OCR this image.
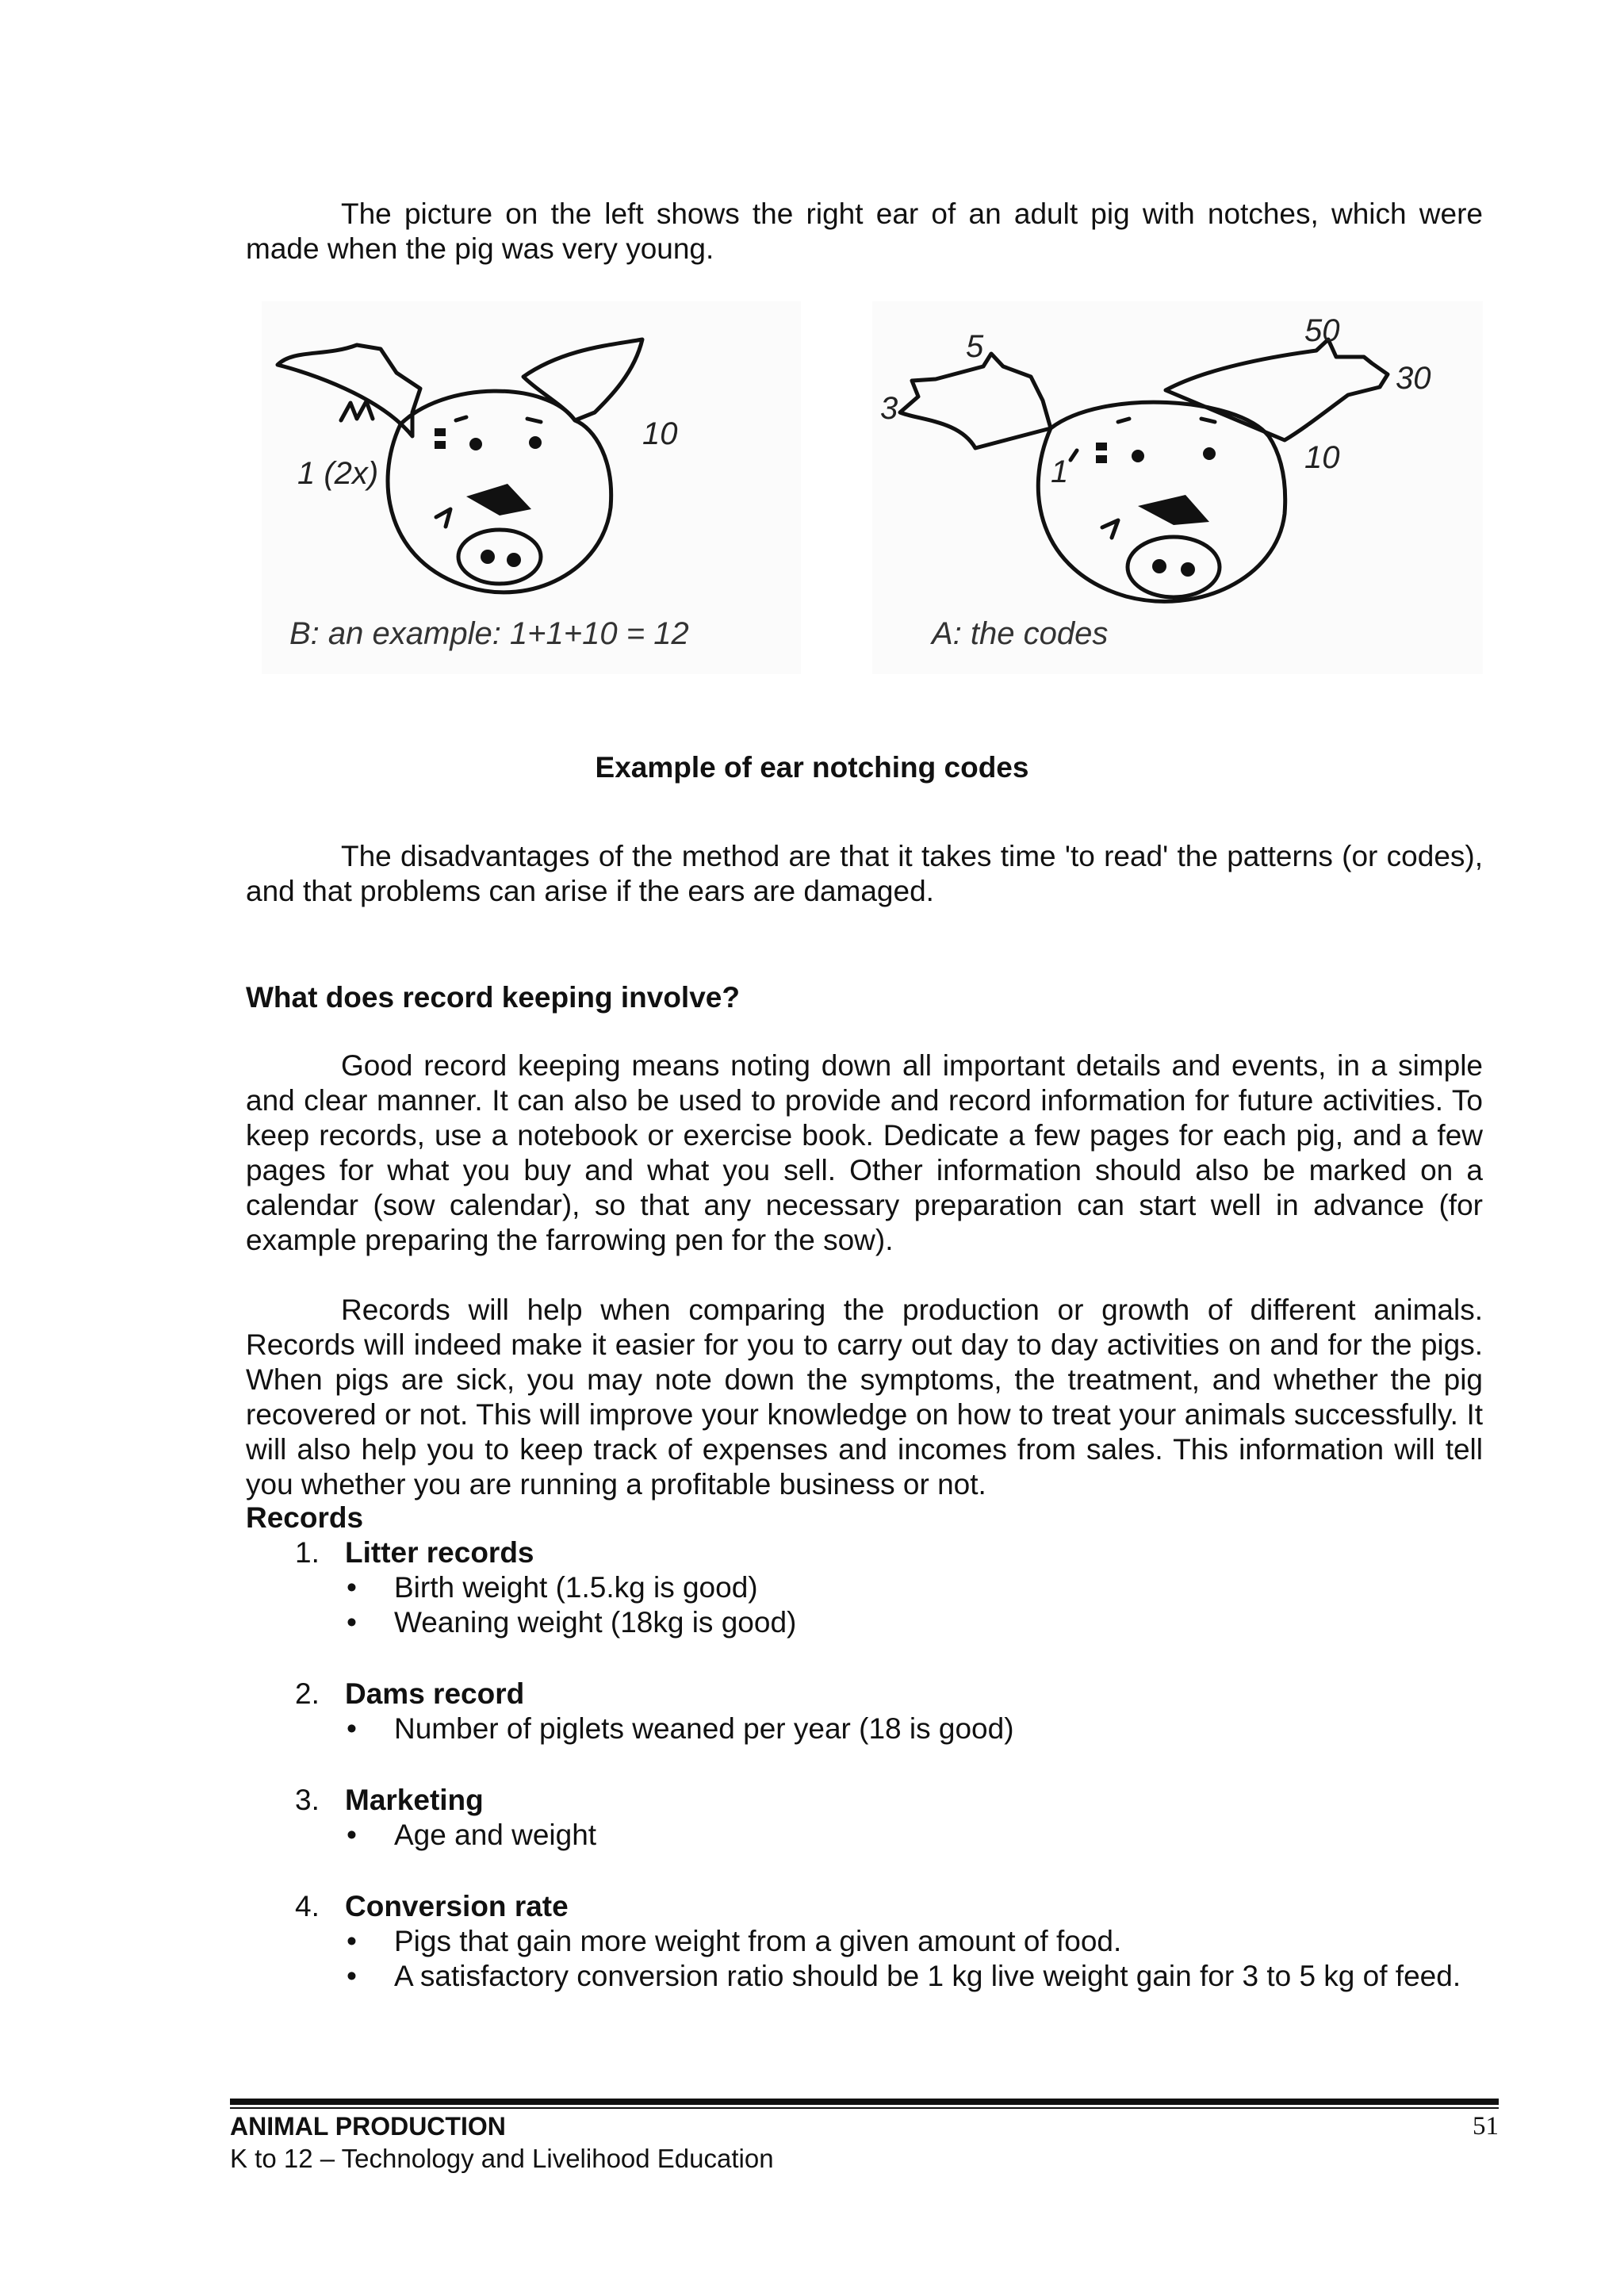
The picture on the left shows the right ear of an adult pig with notches, which were made when the pig was very young.

1 (2x)
10
B: an example: 1+1+10 = 12
5	50
30
3
1	10
A: the codes

Example of ear notching codes

The disadvantages of the method are that it takes time 'to read' the patterns (or codes), and that problems can arise if the ears are damaged.

What does record keeping involve?

Good record keeping means noting down all important details and events, in a simple and clear manner. It can also be used to provide and record information for future activities. To keep records, use a notebook or exercise book. Dedicate a few pages for each pig, and a few pages for what you buy and what you sell. Other information should also be marked on a calendar (sow calendar), so that any necessary preparation can start well in advance (for example preparing the farrowing pen for the sow).

Records will help when comparing the production or growth of different animals. Records will indeed make it easier for you to carry out day to day activities on and for the pigs. When pigs are sick, you may note down the symptoms, the treatment, and whether the pig recovered or not. This will improve your knowledge on how to treat your animals successfully. It will also help you to keep track of expenses and incomes from sales. This information will tell you whether you are running a profitable business or not.

Records

1. Litter records
• Birth weight (1.5.kg is good)
• Weaning weight (18kg is good)
2. Dams record
• Number of piglets weaned per year (18 is good)
3. Marketing
• Age and weight
4. Conversion rate
• Pigs that gain more weight from a given amount of food.
• A satisfactory conversion ratio should be 1 kg live weight gain for 3 to 5 kg of feed.
ANIMAL PRODUCTION	51
K to 12 – Technology and Livelihood Education
